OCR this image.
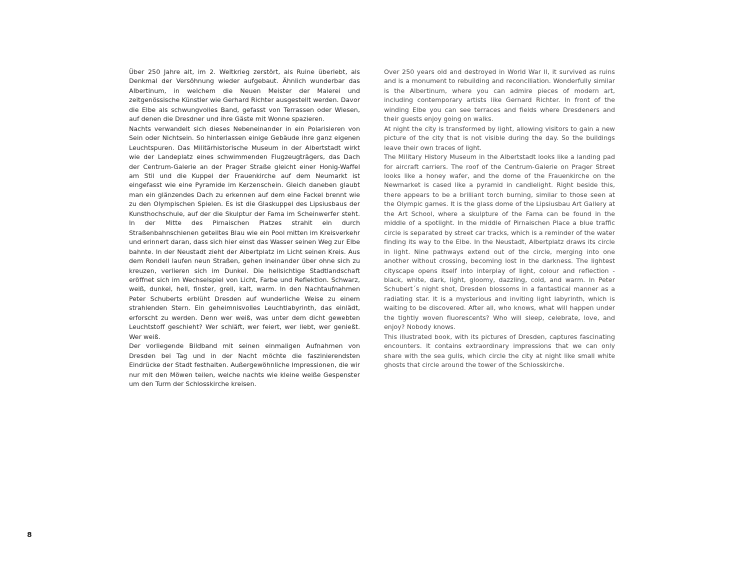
Über 250 Jahre alt, im 2. Weltkrieg zerstört, als Ruine überlebt, als Denkmal der Versöhnung wieder aufgebaut. Ähnlich wunderbar das Albertinum, in welchem die Neuen Meister der Malerei und zeitgenössische Künstler wie Gerhard Richter ausgestellt werden. Davor die Elbe als schwungvolles Band, gefasst von Terrassen oder Wiesen, auf denen die Dresdner und ihre Gäste mit Wonne spazieren.

Nachts verwandelt sich dieses Nebeneinander in ein Polarisieren von Sein oder Nichtsein. So hinterlassen einige Gebäude ihre ganz eigenen Leuchtspuren. Das Militärhistorische Museum in der Albertstadt wirkt wie der Landeplatz eines schwimmenden Flugzeugträgers, das Dach der Centrum-Galerie an der Prager Straße gleicht einer Honig-Waffel am Stil und die Kuppel der Frauenkirche auf dem Neumarkt ist eingefasst wie eine Pyramide im Kerzenschein. Gleich daneben glaubt man ein glänzendes Dach zu erkennen auf dem eine Fackel brennt wie zu den Olympischen Spielen. Es ist die Glaskuppel des Lipsiusbaus der Kunsthochschule, auf der die Skulptur der Fama im Scheinwerfer steht. In der Mitte des Pirnaischen Platzes strahlt ein durch Straßenbahnschienen geteiltes Blau wie ein Pool mitten im Kreisverkehr und erinnert daran, dass sich hier einst das Wasser seinen Weg zur Elbe bahnte. In der Neustadt zieht der Albertplatz im Licht seinen Kreis. Aus dem Rondell laufen neun Straßen, gehen ineinander über ohne sich zu kreuzen, verlieren sich im Dunkel. Die hellsichtige Stadtlandschaft eröffnet sich im Wechselspiel von Licht, Farbe und Reflektion. Schwarz, weiß, dunkel, hell, finster, grell, kalt, warm. In den Nachtaufnahmen Peter Schuberts erblüht Dresden auf wunderliche Weise zu einem strahlenden Stern. Ein geheimnisvolles Leuchtlabyrinth, das einlädt, erforscht zu werden. Denn wer weiß, was unter dem dicht gewebten Leuchtstoff geschieht? Wer schläft, wer feiert, wer liebt, wer genießt. Wer weiß.

Der vorliegende Bildband mit seinen einmaligen Aufnahmen von Dresden bei Tag und in der Nacht möchte die faszinierendsten Eindrücke der Stadt festhalten. Außergewöhnliche Impressionen, die wir nur mit den Möwen teilen, welche nachts wie kleine weiße Gespenster um den Turm der Schlosskirche kreisen.

Over 250 years old and destroyed in World War II, it survived as ruins and is a monument to rebuilding and reconciliation. Wonderfully similar is the Albertinum, where you can admire pieces of modern art, including contemporary artists like Gernard Richter. In front of the winding Elbe you can see terraces and fields where Dresdeners and their guests enjoy going on walks.

At night the city is transformed by light, allowing visitors to gain a new picture of the city that is not visible during the day. So the buildings leave their own traces of light.

The Military History Museum in the Albertstadt looks like a landing pad for aircraft carriers. The roof of the Centrum-Galerie on Prager Street looks like a honey wafer, and the dome of the Frauenkirche on the Newmarket is cased like a pyramid in candlelight. Right beside this, there appears to be a brilliant torch burning, similar to those seen at the Olympic games. It is the glass dome of the Lipsiusbau Art Gallery at the Art School, where a skulpture of the Fama can be found in the middle of a spotlight. In the middle of Pirnaischen Place a blue traffic circle is separated by street car tracks, which is a reminder of the water finding its way to the Elbe. In the Neustadt, Albertplatz draws its circle in light. Nine pathways extend out of the circle, merging into one another without crossing, becoming lost in the darkness. The lightest cityscape opens itself into interplay of light, colour and reflection - black, white, dark, light, gloomy, dazzling, cold, and warm. In Peter Schubert´s night shot, Dresden blossoms in a fantastical manner as a radiating star. It is a mysterious and inviting light labyrinth, which is waiting to be discovered. After all, who knows, what will happen under the tightly woven fluorescents? Who will sleep, celebrate, love, and enjoy? Nobody knows.

This illustrated book, with its pictures of Dresden, captures fascinating encounters. It contains extraordinary impressions that we can only share with the sea gulls, which circle the city at night like small white ghosts that circle around the tower of the Schlosskirche.

8
